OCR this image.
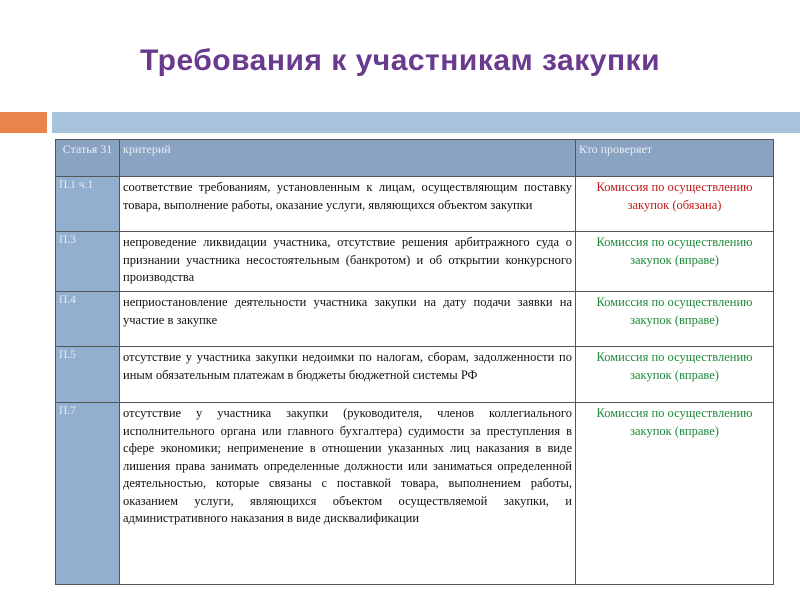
Требования к участникам закупки
Статья 31	критерий	Кто проверяет
П.1 ч.1	соответствие требованиям, установленным к лицам, осуществляющим поставку товара, выполнение работы, оказание услуги, являющихся объектом закупки	Комиссия по осуществлению закупок (обязана)
П.3	непроведение ликвидации участника, отсутствие решения арбитражного суда о признании участника несостоятельным (банкротом) и об открытии конкурсного производства	Комиссия по осуществлению закупок (вправе)
П.4	неприостановление деятельности участника закупки на дату подачи заявки на участие в закупке	Комиссия по осуществлению закупок (вправе)
П.5	отсутствие у участника закупки недоимки по налогам, сборам, задолженности по иным обязательным платежам в бюджеты бюджетной системы РФ	Комиссия по осуществлению закупок (вправе)
П.7	отсутствие у участника закупки (руководителя, членов коллегиального исполнительного органа или главного бухгалтера) судимости за преступления в сфере экономики; неприменение в отношении указанных лиц наказания в виде лишения права занимать определенные должности или заниматься определенной деятельностью, которые связаны с поставкой товара, выполнением работы, оказанием услуги, являющихся объектом осуществляемой закупки, и административного наказания в виде дисквалификации	Комиссия по осуществлению закупок (вправе)
